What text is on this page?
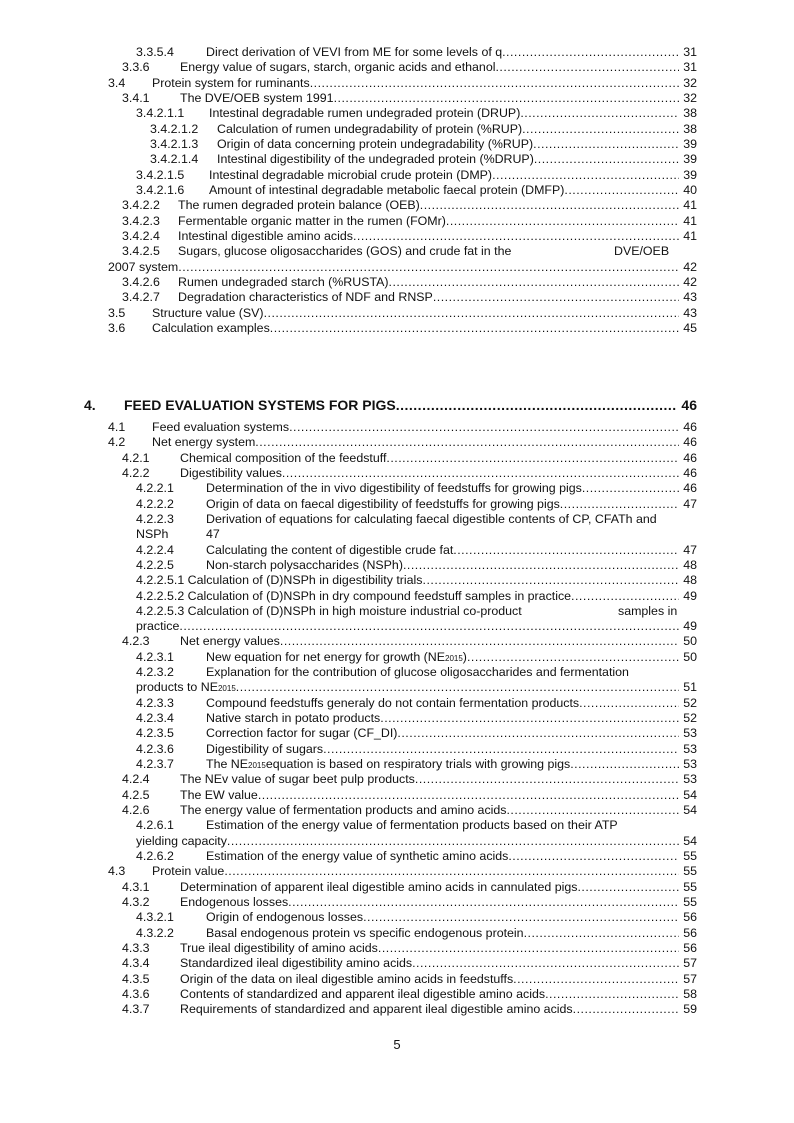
3.3.5.4	Direct derivation of VEVI from ME for some levels of q .....	31
3.3.6 Energy value of sugars, starch, organic acids and ethanol .....	31
3.4 Protein system for ruminants .....	32
3.4.1 The DVE/OEB system 1991 .....	32
3.4.2.1.1 Intestinal degradable rumen undegraded protein (DRUP) .....	38
3.4.2.1.2 Calculation of rumen undegradability of protein (%RUP) .....	38
3.4.2.1.3 Origin of data concerning protein undegradability (%RUP) .....	39
3.4.2.1.4 Intestinal digestibility of the undegraded protein (%DRUP) .....	39
3.4.2.1.5 Intestinal degradable microbial crude protein (DMP) .....	39
3.4.2.1.6 Amount of intestinal degradable metabolic faecal protein (DMFP) .....	40
3.4.2.2 The rumen degraded protein balance (OEB) .....	41
3.4.2.3 Fermentable organic matter in the rumen (FOMr) .....	41
3.4.2.4 Intestinal digestible amino acids .....	41
3.4.2.5 Sugars, glucose oligosaccharides (GOS) and crude fat in the	DVE/OEB
2007 system .....	42
3.4.2.6 Rumen undegraded starch (%RUSTA) .....	42
3.4.2.7 Degradation characteristics of NDF and RNSP .....	43
3.5 Structure value (SV) .....	43
3.6 Calculation examples .....	45
4. FEED EVALUATION SYSTEMS FOR PIGS .....	46
4.1 Feed evaluation systems .....	46
4.2 Net energy system .....	46
4.2.1 Chemical composition of the feedstuff .....	46
4.2.2 Digestibility values .....	46
4.2.2.1	Determination of the in vivo digestibility of feedstuffs for growing pigs .....	46
4.2.2.2	Origin of data on faecal digestibility of feedstuffs for growing pigs .....	47
4.2.2.3	Derivation of equations for calculating faecal digestible contents of CP, CFATh and
NSPh	47
4.2.2.4	Calculating the content of digestible crude fat .....	47
4.2.2.5	Non-starch polysaccharides (NSPh) .....	48
4.2.2.5.1 Calculation of (D)NSPh in digestibility trials .....	48
4.2.2.5.2 Calculation of (D)NSPh in dry compound feedstuff samples in practice .....	49
4.2.2.5.3 Calculation of (D)NSPh in high moisture industrial co-product	samples in
practice .....	49
4.2.3 Net energy values .....	50
4.2.3.1	New equation for net energy for growth (NE 2015 ) .....	50
4.2.3.2	Explanation for the contribution of glucose oligosaccharides and fermentation
products to NE 2015 .....	51
4.2.3.3	Compound feedstuffs generaly do not contain fermentation products .....	52
4.2.3.4	Native starch in potato products .....	52
4.2.3.5	Correction factor for sugar (CF_DI) .....	53
4.2.3.6	Digestibility of sugars .....	53
4.2.3.7	The NE 2015 equation is based on respiratory trials with growing pigs .....	53
4.2.4 The NEv value of sugar beet pulp products .....	53
4.2.5 The EW value .....	54
4.2.6 The energy value of fermentation products and amino acids .....	54
4.2.6.1	Estimation of the energy value of fermentation products based on their ATP
yielding capacity .....	54
4.2.6.2	Estimation of the energy value of synthetic amino acids .....	55
4.3 Protein value .....	55
4.3.1 Determination of apparent ileal digestible amino acids in cannulated pigs .....	55
4.3.2 Endogenous losses .....	55
4.3.2.1	Origin of endogenous losses .....	56
4.3.2.2	Basal endogenous protein vs specific endogenous protein .....	56
4.3.3 True ileal digestibility of amino acids .....	56
4.3.4 Standardized ileal digestibility amino acids .....	57
4.3.5 Origin of the data on ileal digestible amino acids in feedstuffs .....	57
4.3.6 Contents of standardized and apparent ileal digestible amino acids .....	58
4.3.7 Requirements of standardized and apparent ileal digestible amino acids .....	59
5
